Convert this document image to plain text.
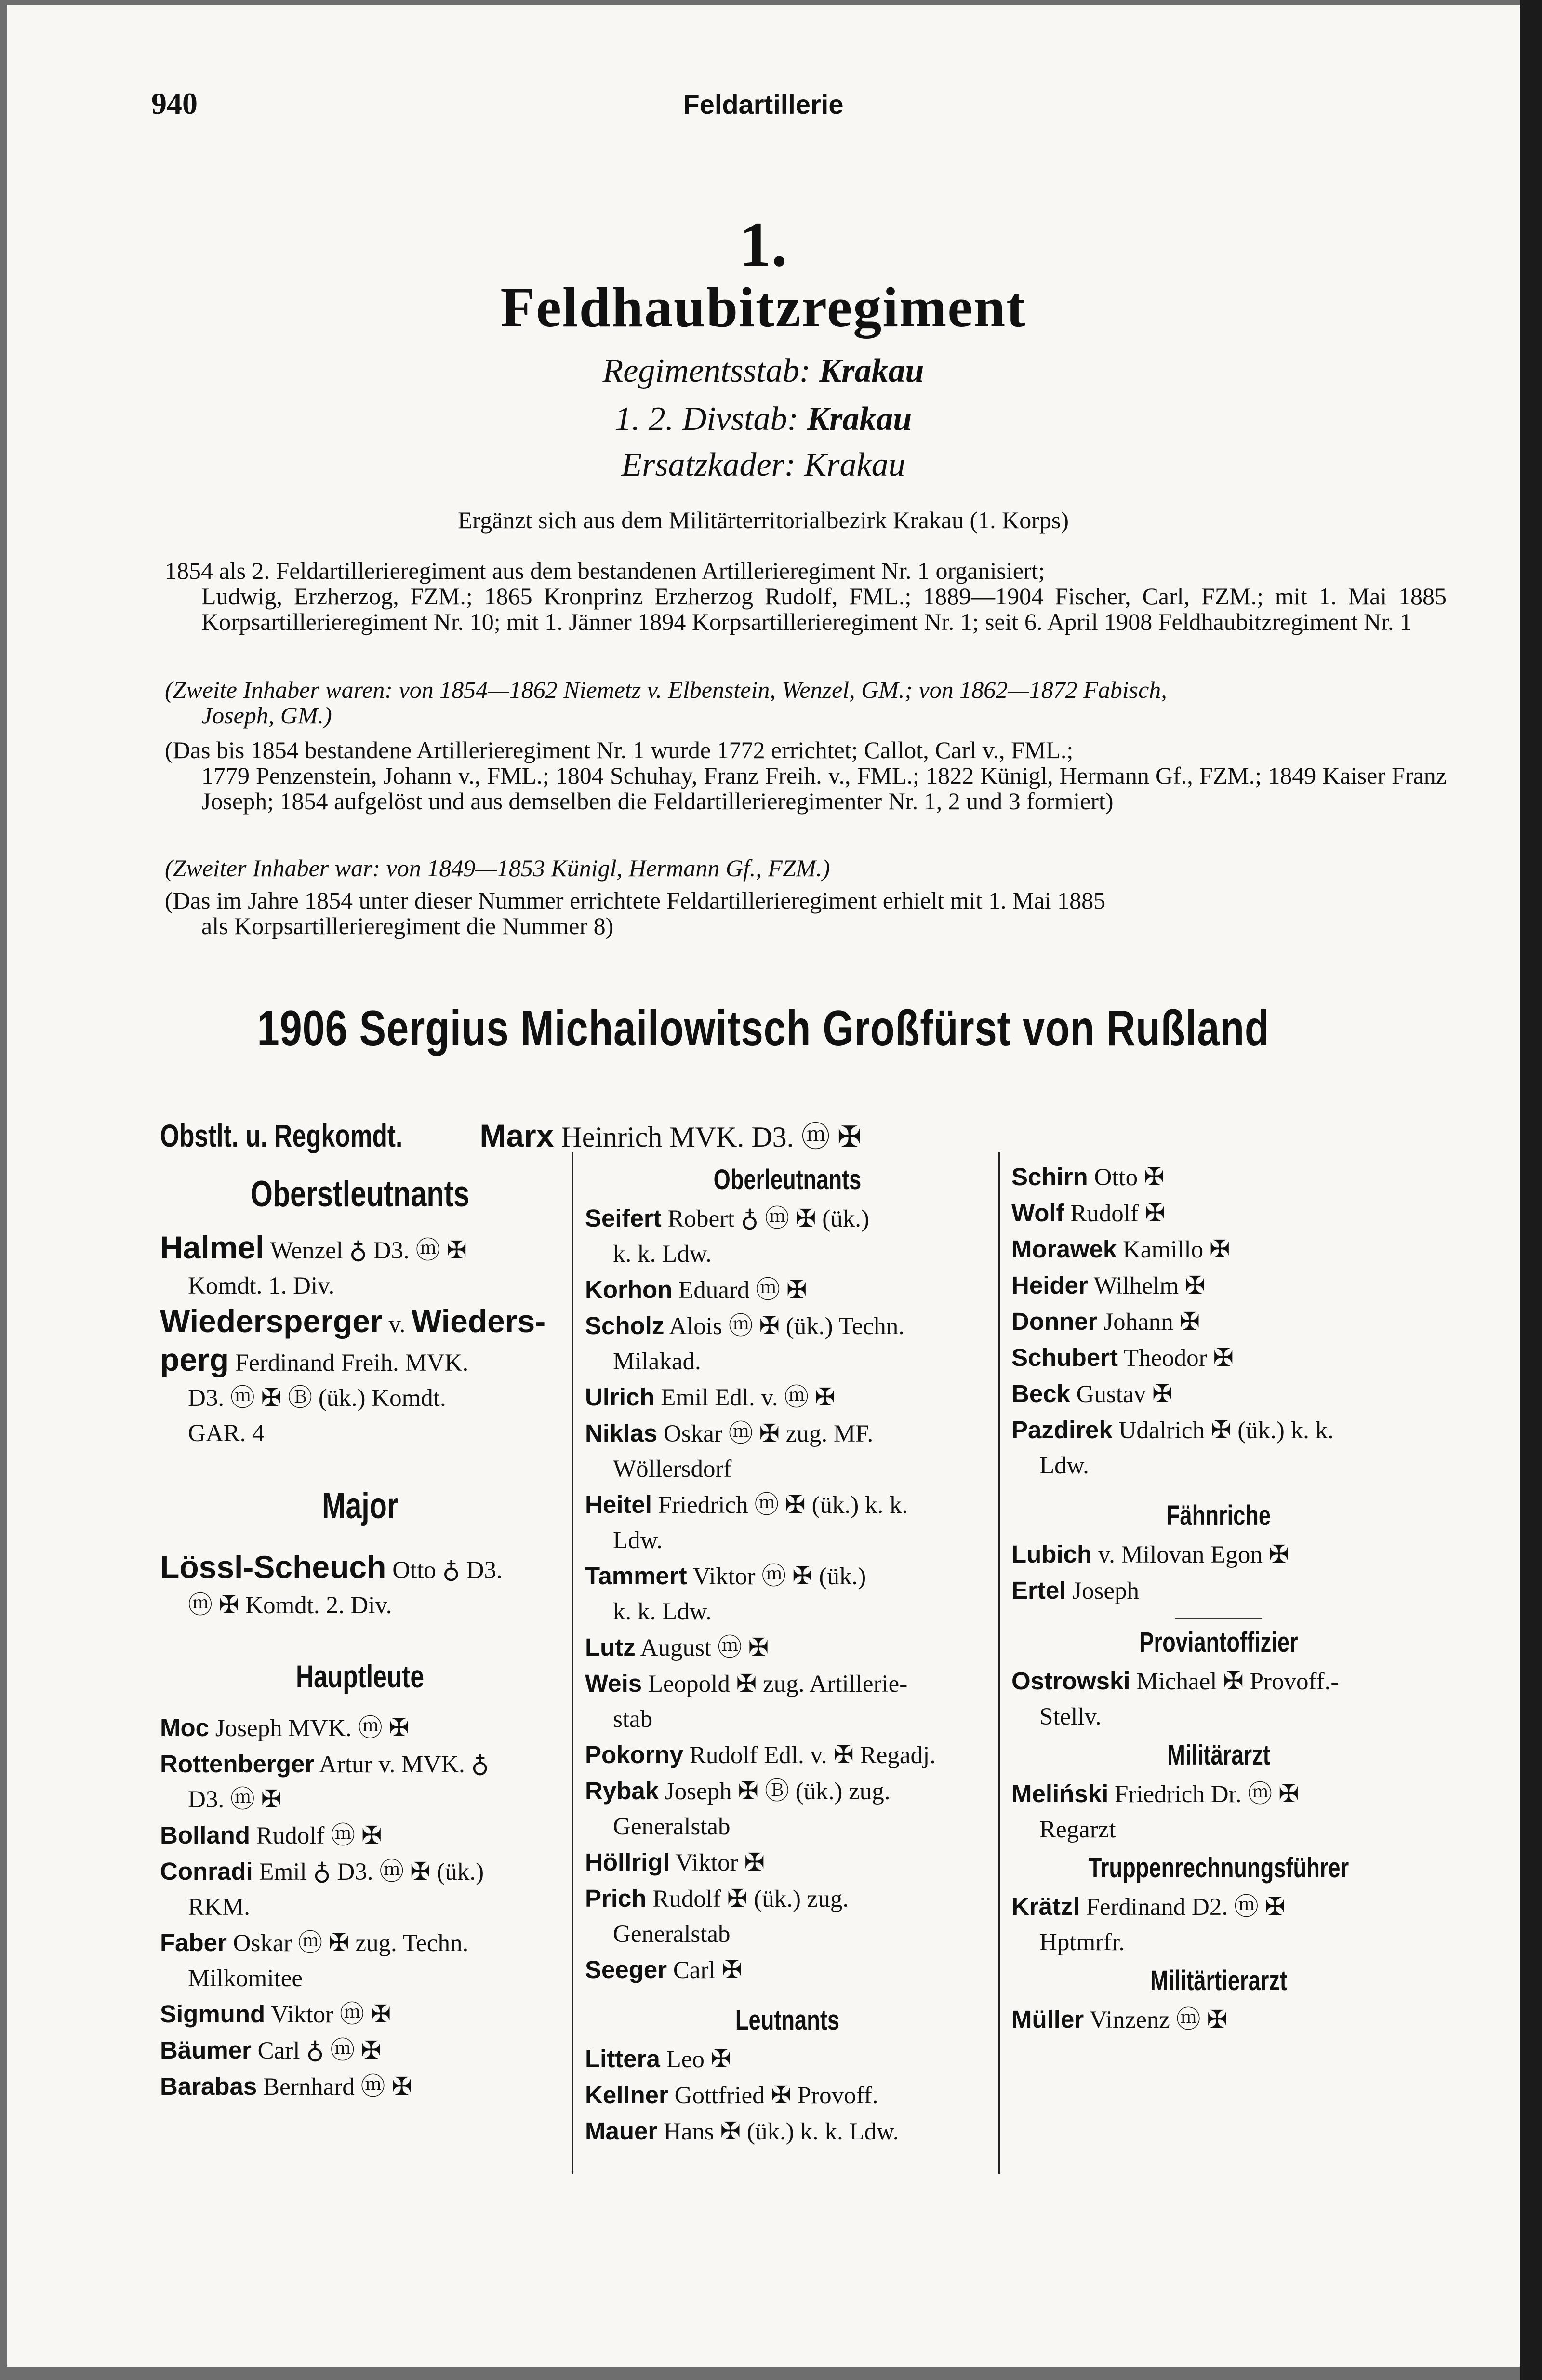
940	Feldartillerie
1.
Feldhaubitzregiment
Regimentsstab: Krakau
1. 2. Divstab: Krakau
Ersatzkader: Krakau
Ergänzt sich aus dem Militärterritorialbezirk Krakau (1. Korps)
1854 als 2. Feldartillerieregiment aus dem bestandenen Artillerieregiment Nr. 1 organisiert;
Ludwig, Erzherzog, FZM.; 1865 Kronprinz Erzherzog Rudolf, FML.; 1889—1904 Fischer, Carl, FZM.; mit 1. Mai 1885 Korpsartillerieregiment Nr. 10; mit 1. Jänner 1894 Korpsartillerieregiment Nr. 1; seit 6. April 1908 Feldhaubitzregiment Nr. 1
(Zweite Inhaber waren: von 1854—1862 Niemetz v. Elbenstein, Wenzel, GM.; von 1862—1872 Fabisch,
Joseph, GM.)
(Das bis 1854 bestandene Artillerieregiment Nr. 1 wurde 1772 errichtet; Callot, Carl v., FML.;
1779 Penzenstein, Johann v., FML.; 1804 Schuhay, Franz Freih. v., FML.; 1822 Künigl, Hermann Gf., FZM.; 1849 Kaiser Franz Joseph; 1854 aufgelöst und aus demselben die Feldartillerieregimenter Nr. 1, 2 und 3 formiert)
(Zweiter Inhaber war: von 1849—1853 Künigl, Hermann Gf., FZM.)
(Das im Jahre 1854 unter dieser Nummer errichtete Feldartillerieregiment erhielt mit 1. Mai 1885
als Korpsartillerieregiment die Nummer 8)
1906 Sergius Michailowitsch Großfürst von Rußland
Obstlt. u. Regkomdt. Marx Heinrich MVK. D3. ⓜ ✠
Oberstleutnants
Halmel Wenzel ♁ D3. ⓜ ✠
Komdt. 1. Div.
Wiedersperger v. Wieders-
perg Ferdinand Freih. MVK.
D3. ⓜ ✠ Ⓑ (ük.) Komdt.
GAR. 4
Major
Lössl-Scheuch Otto ♁ D3.
ⓜ ✠ Komdt. 2. Div.
Hauptleute
Moc Joseph MVK. ⓜ ✠
Rottenberger Artur v. MVK. ♁
D3. ⓜ ✠
Bolland Rudolf ⓜ ✠
Conradi Emil ♁ D3. ⓜ ✠ (ük.)
RKM.
Faber Oskar ⓜ ✠ zug. Techn.
Milkomitee
Sigmund Viktor ⓜ ✠
Bäumer Carl ♁ ⓜ ✠
Barabas Bernhard ⓜ ✠
Oberleutnants
Seifert Robert ♁ ⓜ ✠ (ük.)
k. k. Ldw.
Korhon Eduard ⓜ ✠
Scholz Alois ⓜ ✠ (ük.) Techn.
Milakad.
Ulrich Emil Edl. v. ⓜ ✠
Niklas Oskar ⓜ ✠ zug. MF.
Wöllersdorf
Heitel Friedrich ⓜ ✠ (ük.) k. k.
Ldw.
Tammert Viktor ⓜ ✠ (ük.)
k. k. Ldw.
Lutz August ⓜ ✠
Weis Leopold ✠ zug. Artillerie-
stab
Pokorny Rudolf Edl. v. ✠ Regadj.
Rybak Joseph ✠ Ⓑ (ük.) zug.
Generalstab
Höllrigl Viktor ✠
Prich Rudolf ✠ (ük.) zug.
Generalstab
Seeger Carl ✠
Leutnants
Littera Leo ✠
Kellner Gottfried ✠ Provoff.
Mauer Hans ✠ (ük.) k. k. Ldw.
Schirn Otto ✠
Wolf Rudolf ✠
Morawek Kamillo ✠
Heider Wilhelm ✠
Donner Johann ✠
Schubert Theodor ✠
Beck Gustav ✠
Pazdirek Udalrich ✠ (ük.) k. k.
Ldw.
Fähnriche
Lubich v. Milovan Egon ✠
Ertel Joseph
Proviantoffizier
Ostrowski Michael ✠ Provoff.-
Stellv.
Militärarzt
Meliński Friedrich Dr. ⓜ ✠
Regarzt
Truppenrechnungsführer
Krätzl Ferdinand D2. ⓜ ✠
Hptmrfr.
Militärtierarzt
Müller Vinzenz ⓜ ✠
